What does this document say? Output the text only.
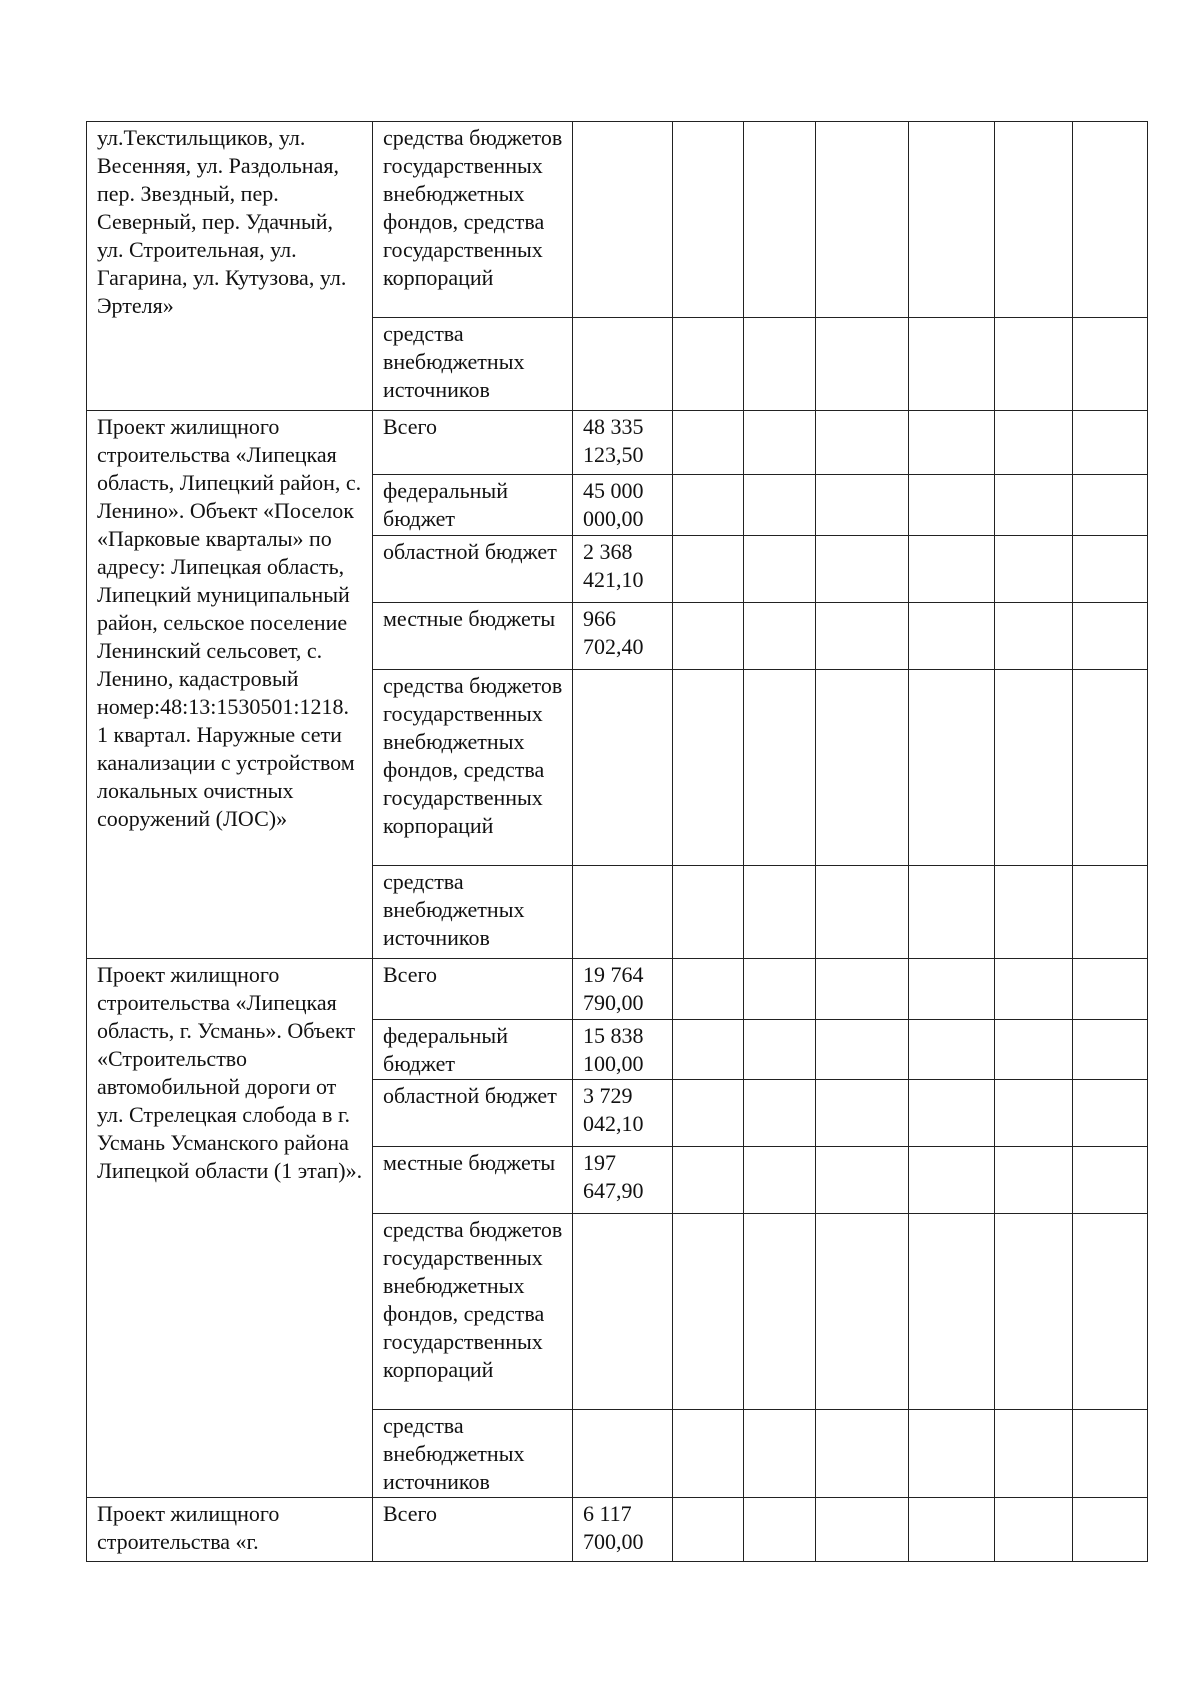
ул.Текстильщиков, ул. Весенняя, ул. Раздольная, пер. Звездный, пер. Северный, пер. Удачный, ул. Строительная, ул. Гагарина, ул. Кутузова, ул. Эртеля»	средства бюджетов государственных внебюджетных фондов, средства государственных корпораций	

	средства внебюджетных источников	

Проект жилищного строительства «Липецкая область, Липецкий район, с. Ленино». Объект «Поселок «Парковые кварталы» по адресу: Липецкая область, Липецкий муниципальный район, сельское поселение Ленинский сельсовет, с. Ленино, кадастровый номер:48:13:1530501:1218. 1 квартал. Наружные сети канализации с устройством локальных очистных сооружений (ЛОС)»	Всего	48 335
123,50						

	федеральный бюджет	45 000
000,00						

	областной бюджет	2 368
421,10						

	местные бюджеты	966
702,40						

	средства бюджетов государственных внебюджетных фондов, средства государственных корпораций	

	средства внебюджетных источников	

Проект жилищного строительства «Липецкая область, г. Усмань». Объект «Строительство автомобильной дороги от ул. Стрелецкая слобода в г. Усмань Усманского района Липецкой области (1 этап)».	Всего	19 764
790,00						

	федеральный бюджет	15 838
100,00						

	областной бюджет	3 729
042,10						

	местные бюджеты	197
647,90						

	средства бюджетов государственных внебюджетных фондов, средства государственных корпораций	

	средства внебюджетных источников	

Проект жилищного строительства «г.	Всего	6 117
700,00						
